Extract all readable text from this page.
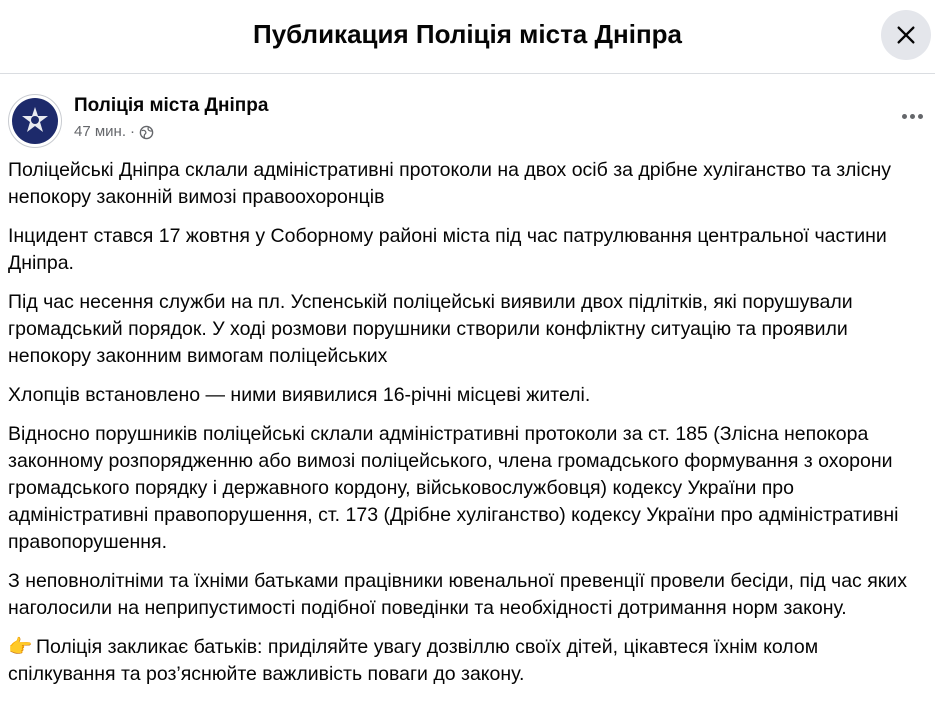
Публикация Поліція міста Дніпра
Поліція міста Дніпра
47 мин. ·

Поліцейські Дніпра склали адміністративні протоколи на двох осіб за дрібне хуліганство та злісну непокору законній вимозі правоохоронців

Інцидент стався 17 жовтня у Соборному районі міста під час патрулювання центральної частини Дніпра.

Під час несення служби на пл. Успенській поліцейські виявили двох підлітків, які порушували громадський порядок. У ході розмови порушники створили конфліктну ситуацію та проявили непокору законним вимогам поліцейських

Хлопців встановлено — ними виявилися 16-річні місцеві жителі.

Відносно порушників поліцейські склали адміністративні протоколи за ст. 185 (Злісна непокора законному розпорядженню або вимозі поліцейського, члена громадського формування з охорони громадського порядку і державного кордону, військовослужбовця) кодексу України про адміністративні правопорушення, ст. 173 (Дрібне хуліганство) кодексу України про адміністративні правопорушення.

З неповнолітніми та їхніми батьками працівники ювенальної превенції провели бесіди, під час яких наголосили на неприпустимості подібної поведінки та необхідності дотримання норм закону.

👉 Поліція закликає батьків: приділяйте увагу дозвіллю своїх дітей, цікавтеся їхнім колом спілкування та роз’яснюйте важливість поваги до закону.
